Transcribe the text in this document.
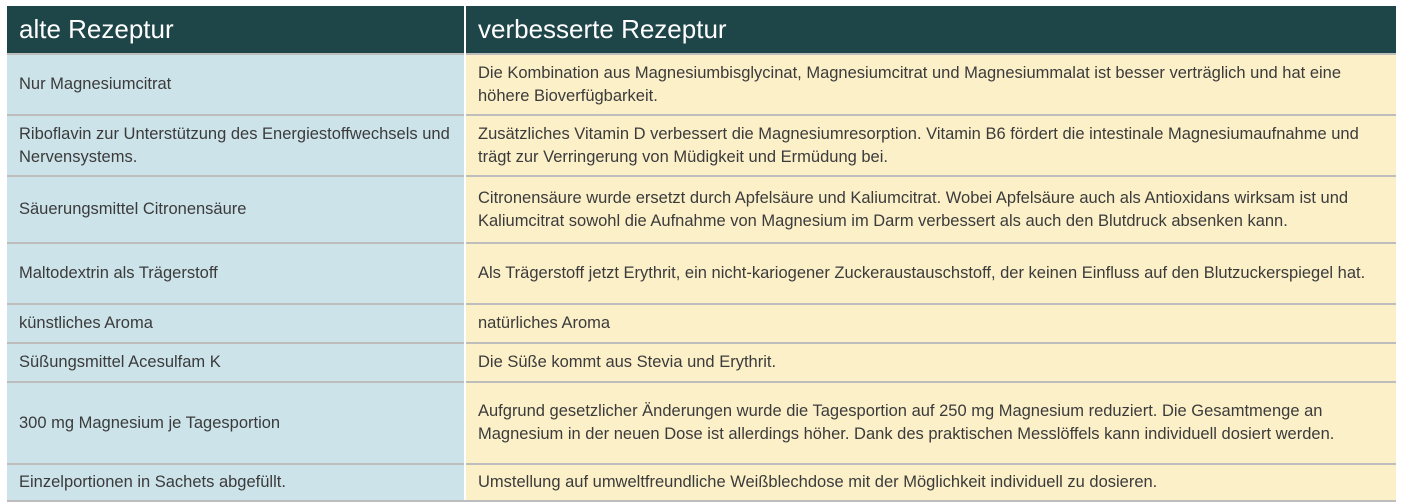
alte Rezeptur	verbesserte Rezeptur
Nur Magnesiumcitrat	Die Kombination aus Magnesiumbisglycinat, Magnesiumcitrat und Magnesiummalat ist besser verträglich und hat eine höhere Bioverfügbarkeit.
Riboflavin zur Unterstützung des Energiestoffwechsels und Nervensystems.	Zusätzliches Vitamin D verbessert die Magnesiumresorption. Vitamin B6 fördert die intestinale Magnesiumaufnahme und trägt zur Verringerung von Müdigkeit und Ermüdung bei.
Säuerungsmittel Citronensäure	Citronensäure wurde ersetzt durch Apfelsäure und Kaliumcitrat. Wobei Apfelsäure auch als Antioxidans wirksam ist und Kaliumcitrat sowohl die Aufnahme von Magnesium im Darm verbessert als auch den Blutdruck absenken kann.
Maltodextrin als Trägerstoff	Als Trägerstoff jetzt Erythrit, ein nicht-kariogener Zuckeraustauschstoff, der keinen Einfluss auf den Blutzuckerspiegel hat.
künstliches Aroma	natürliches Aroma
Süßungsmittel Acesulfam K	Die Süße kommt aus Stevia und Erythrit.
300 mg Magnesium je Tagesportion	Aufgrund gesetzlicher Änderungen wurde die Tagesportion auf 250 mg Magnesium reduziert. Die Gesamtmenge an Magnesium in der neuen Dose ist allerdings höher. Dank des praktischen Messlöffels kann individuell dosiert werden.
Einzelportionen in Sachets abgefüllt.	Umstellung auf umweltfreundliche Weißblechdose mit der Möglichkeit individuell zu dosieren.
